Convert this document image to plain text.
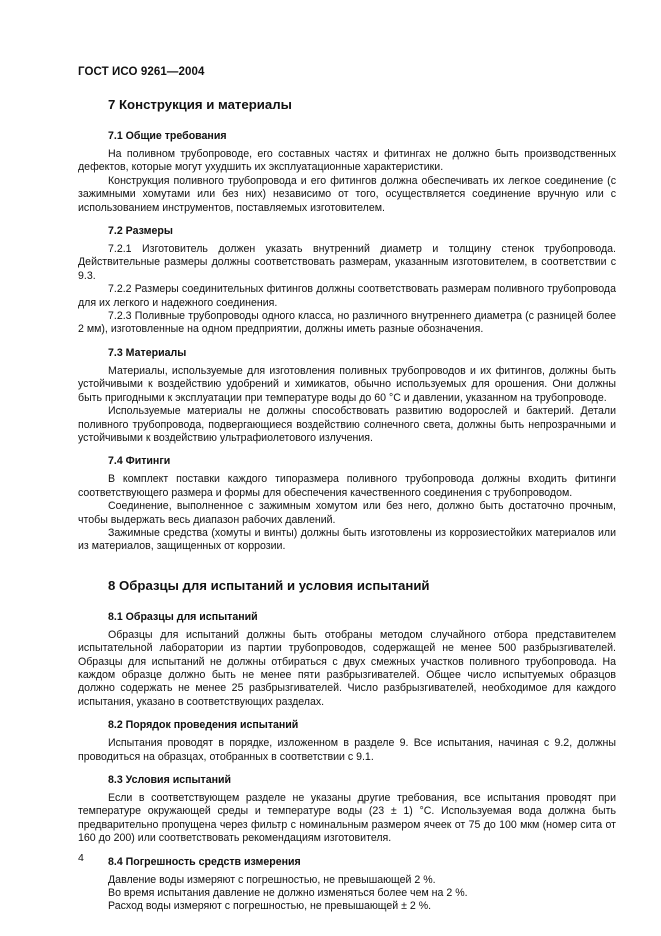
ГОСТ ИСО 9261—2004
7 Конструкция и материалы
7.1 Общие требования

На поливном трубопроводе, его составных частях и фитингах не должно быть производственных дефектов, которые могут ухудшить их эксплуатационные характеристики.

Конструкция поливного трубопровода и его фитингов должна обеспечивать их легкое соединение (с зажимными хомутами или без них) независимо от того, осуществляется соединение вручную или с использованием инструментов, поставляемых изготовителем.

7.2 Размеры

7.2.1 Изготовитель должен указать внутренний диаметр и толщину стенок трубопровода. Действительные размеры должны соответствовать размерам, указанным изготовителем, в соответствии с 9.3.

7.2.2 Размеры соединительных фитингов должны соответствовать размерам поливного трубопровода для их легкого и надежного соединения.

7.2.3 Поливные трубопроводы одного класса, но различного внутреннего диаметра (с разницей более 2 мм), изготовленные на одном предприятии, должны иметь разные обозначения.

7.3 Материалы

Материалы, используемые для изготовления поливных трубопроводов и их фитингов, должны быть устойчивыми к воздействию удобрений и химикатов, обычно используемых для орошения. Они должны быть пригодными к эксплуатации при температуре воды до 60 °С и давлении, указанном на трубопроводе.

Используемые материалы не должны способствовать развитию водорослей и бактерий. Детали поливного трубопровода, подвергающиеся воздействию солнечного света, должны быть непрозрачными и устойчивыми к воздействию ультрафиолетового излучения.

7.4 Фитинги

В комплект поставки каждого типоразмера поливного трубопровода должны входить фитинги соответствующего размера и формы для обеспечения качественного соединения с трубопроводом.

Соединение, выполненное с зажимным хомутом или без него, должно быть достаточно прочным, чтобы выдержать весь диапазон рабочих давлений.

Зажимные средства (хомуты и винты) должны быть изготовлены из коррозиестойких материалов или из материалов, защищенных от коррозии.

8 Образцы для испытаний и условия испытаний
8.1 Образцы для испытаний

Образцы для испытаний должны быть отобраны методом случайного отбора представителем испытательной лаборатории из партии трубопроводов, содержащей не менее 500 разбрызгивателей. Образцы для испытаний не должны отбираться с двух смежных участков поливного трубопровода. На каждом образце должно быть не менее пяти разбрызгивателей. Общее число испытуемых образцов должно содержать не менее 25 разбрызгивателей. Число разбрызгивателей, необходимое для каждого испытания, указано в соответствующих разделах.

8.2 Порядок проведения испытаний

Испытания проводят в порядке, изложенном в разделе 9. Все испытания, начиная с 9.2, должны проводиться на образцах, отобранных в соответствии с 9.1.

8.3 Условия испытаний

Если в соответствующем разделе не указаны другие требования, все испытания проводят при температуре окружающей среды и температуре воды (23 ± 1) °С. Используемая вода должна быть предварительно пропущена через фильтр с номинальным размером ячеек от 75 до 100 мкм (номер сита от 160 до 200) или соответствовать рекомендациям изготовителя.

8.4 Погрешность средств измерения

Давление воды измеряют с погрешностью, не превышающей 2 %.

Во время испытания давление не должно изменяться более чем на 2 %.

Расход воды измеряют с погрешностью, не превышающей ± 2 %.

4
